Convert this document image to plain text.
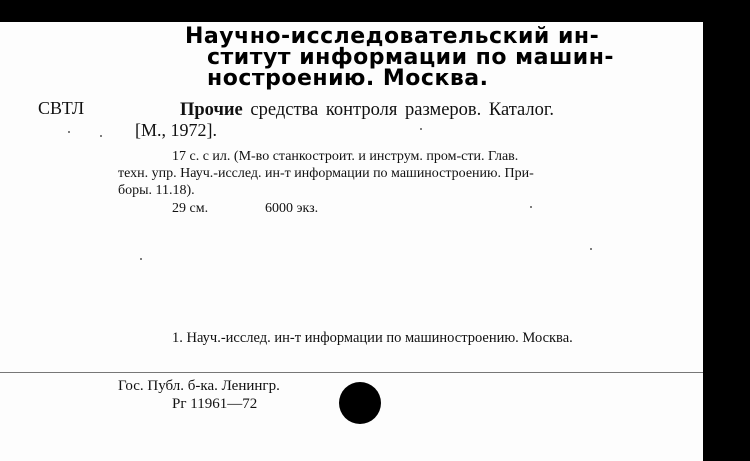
Научно-исследовательский ин-
ститут информации по машин-
ностроению. Москва.
СВТЛ	Прочие средства контроля размеров. Каталог.
[М., 1972].
17 с. с ил. (М-во станкостроит. и инструм. пром-сти. Глав.
техн. упр. Науч.-исслед. ин-т информации по машиностроению. При-
боры. 11.18).
29 см.	6000 экз.
1. Науч.-исслед. ин-т информации по машиностроению. Москва.
Гос. Публ. б-ка. Ленингр.
Рг 11961—72
